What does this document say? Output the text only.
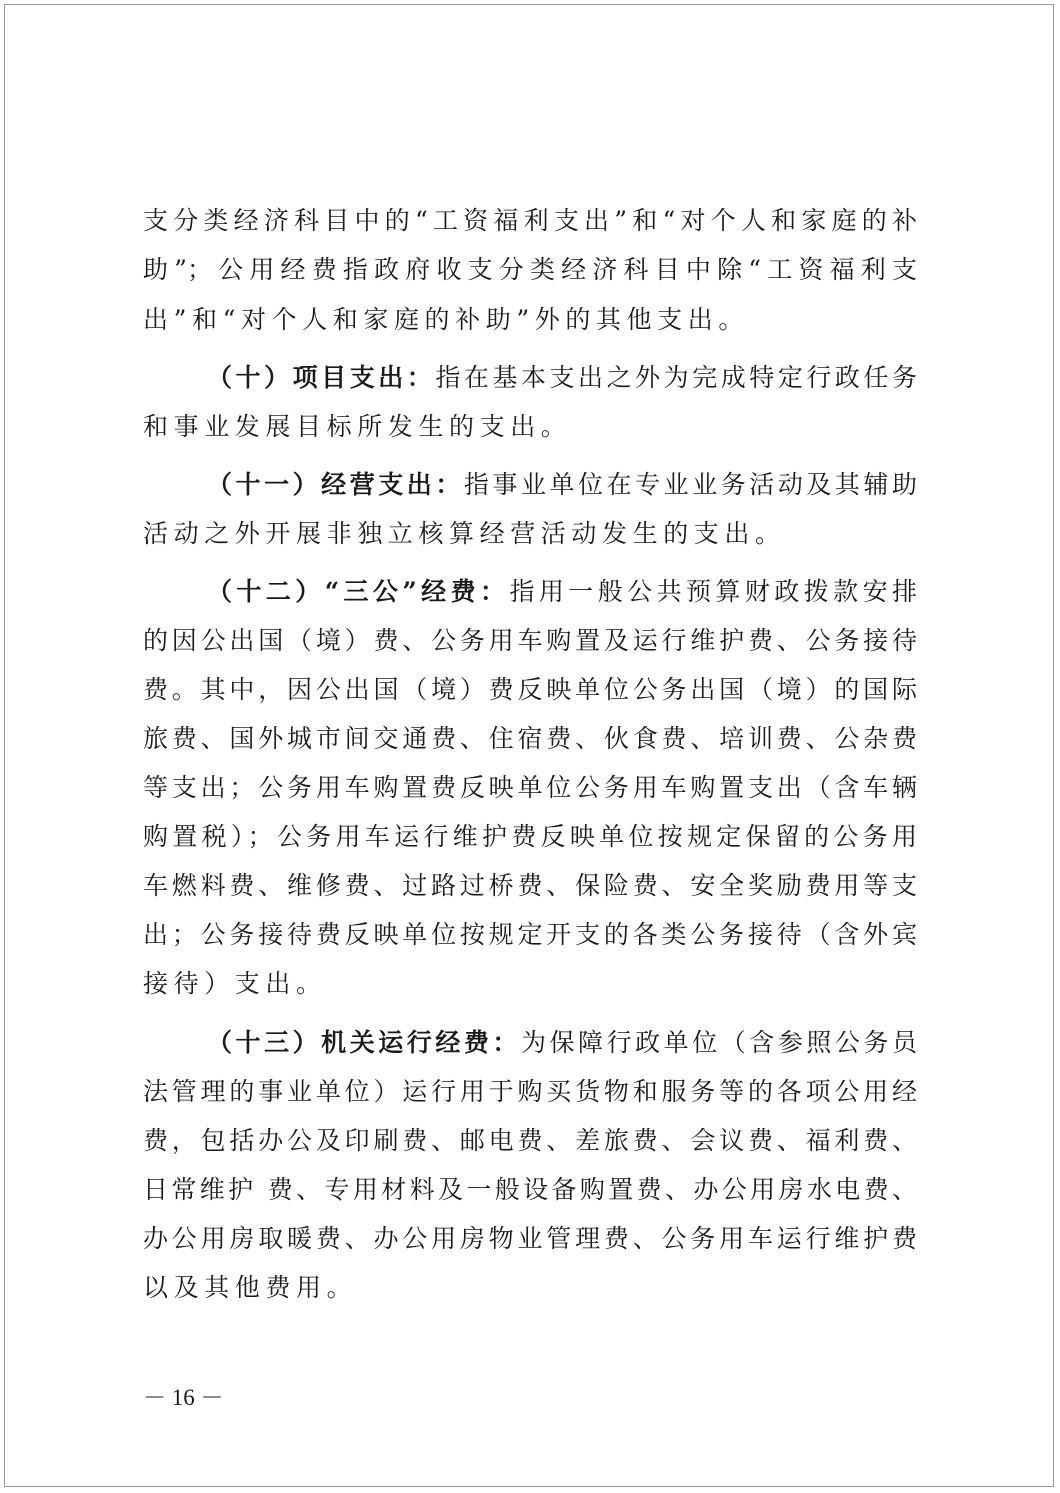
支分类经济科目中的“工资福利支出”和“对个人和家庭的补
助”；公用经费指政府收支分类经济科目中除“工资福利支
出”和“对个人和家庭的补助”外的其他支出。
（十）项目支出：指在基本支出之外为完成特定行政任务
和事业发展目标所发生的支出。
（十一）经营支出：指事业单位在专业业务活动及其辅助
活动之外开展非独立核算经营活动发生的支出。
（十二）“三公”经费：指用一般公共预算财政拨款安排
的因公出国（境）费、公务用车购置及运行维护费、公务接待
费。其中，因公出国（境）费反映单位公务出国（境）的国际
旅费、国外城市间交通费、住宿费、伙食费、培训费、公杂费
等支出；公务用车购置费反映单位公务用车购置支出（含车辆
购置税）；公务用车运行维护费反映单位按规定保留的公务用
车燃料费、维修费、过路过桥费、保险费、安全奖励费用等支
出；公务接待费反映单位按规定开支的各类公务接待（含外宾
接待）支出。
（十三）机关运行经费：为保障行政单位（含参照公务员
法管理的事业单位）运行用于购买货物和服务等的各项公用经
费，包括办公及印刷费、邮电费、差旅费、会议费、福利费、
日常维护 费、专用材料及一般设备购置费、办公用房水电费、
办公用房取暖费、办公用房物业管理费、公务用车运行维护费
以及其他费用。
－ 16 －
